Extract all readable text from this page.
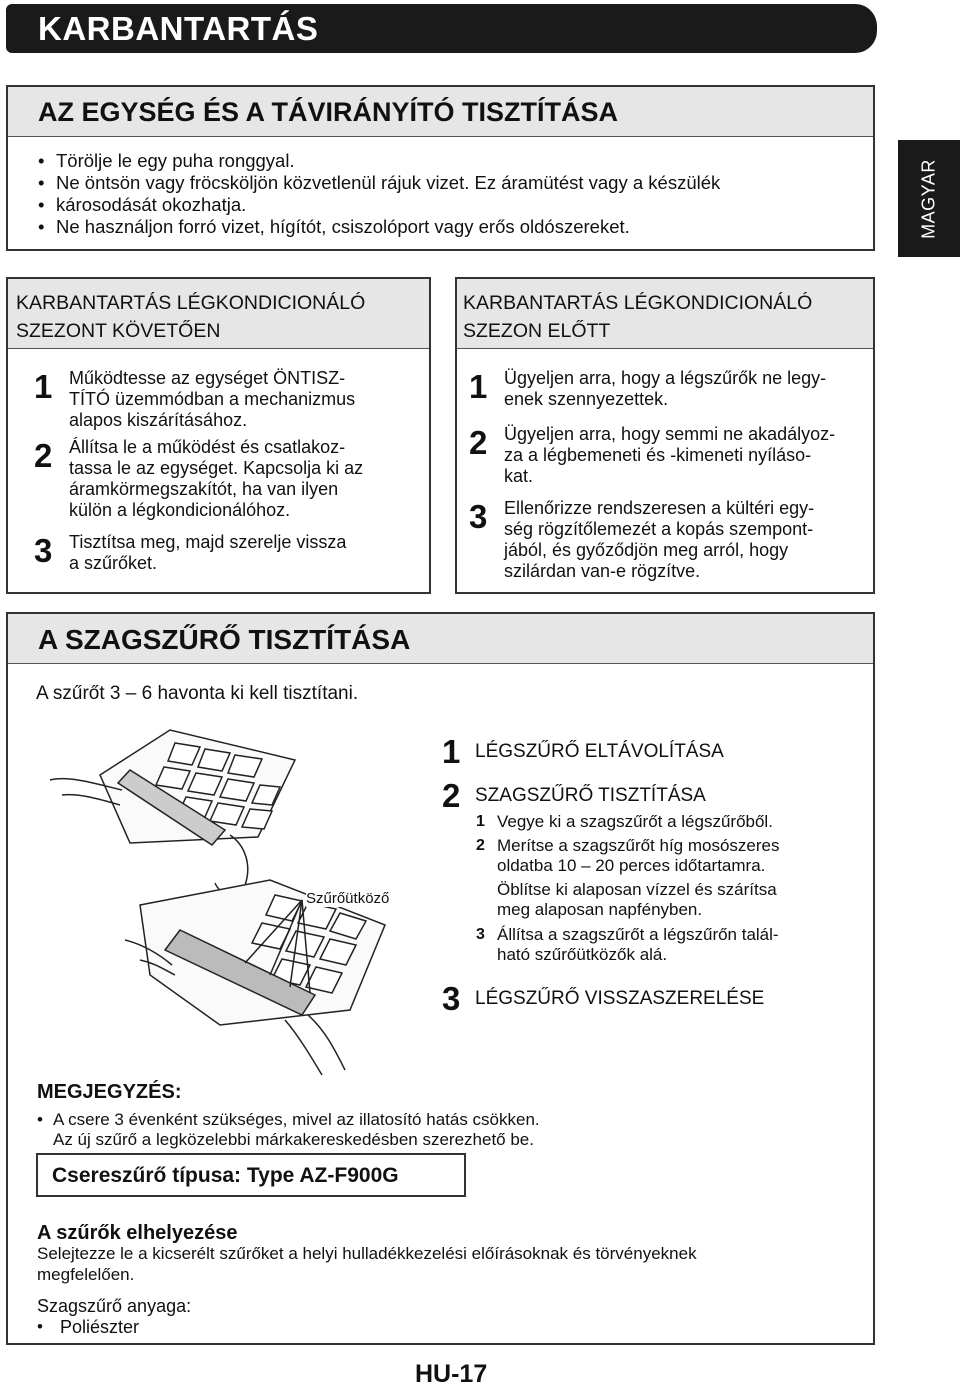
KARBANTARTÁS
MAGYAR
AZ EGYSÉG ÉS A TÁVIRÁNYÍTÓ TISZTÍTÁSA
• Törölje le egy puha ronggyal.
• Ne öntsön vagy fröcsköljön közvetlenül rájuk vizet. Ez áramütést vagy a készülék
• károsodását okozhatja.
• Ne használjon forró vizet, hígítót, csiszolóport vagy erős oldószereket.
KARBANTARTÁS LÉGKONDICIONÁLÓ
SZEZONT KÖVETŐEN
1 Működtesse az egységet ÖNTISZ-
TÍTÓ üzemmódban a mechanizmus
alapos kiszárításához.
2 Állítsa le a működést és csatlakoz-
tassa le az egységet. Kapcsolja ki az
áramkörmegszakítót, ha van ilyen
külön a légkondicionálóhoz.
3 Tisztítsa meg, majd szerelje vissza
a szűrőket.
KARBANTARTÁS LÉGKONDICIONÁLÓ
SZEZON ELŐTT
1 Ügyeljen arra, hogy a légszűrők ne legy-
enek szennyezettek.
2 Ügyeljen arra, hogy semmi ne akadályoz-
za a légbemeneti és -kimeneti nyíláso-
kat.
3 Ellenőrizze rendszeresen a kültéri egy-
ség rögzítőlemezét a kopás szempont-
jából, és győződjön meg arról, hogy
szilárdan van-e rögzítve.
A SZAGSZŰRŐ TISZTÍTÁSA
A szűrőt 3 – 6 havonta ki kell tisztítani.
Szűrőütköző
1 LÉGSZŰRŐ ELTÁVOLÍTÁSA
2 SZAGSZŰRŐ TISZTÍTÁSA
1 Vegye ki a szagszűrőt a légszűrőből.
2 Merítse a szagszűrőt híg mosószeres
oldatba 10 – 20 perces időtartamra.
Öblítse ki alaposan vízzel és szárítsa
meg alaposan napfényben.
3 Állítsa a szagszűrőt a légszűrőn talál-
ható szűrőütközők alá.
3 LÉGSZŰRŐ VISSZASZERELÉSE
MEGJEGYZÉS:
• A csere 3 évenként szükséges, mivel az illatosító hatás csökken.
Az új szűrő a legközelebbi márkakereskedésben szerezhető be.
Csereszűrő típusa: Type AZ-F900G
A szűrők elhelyezése
Selejtezze le a kicserélt szűrőket a helyi hulladékkezelési előírásoknak és törvényeknek
megfelelően.
Szagszűrő anyaga:
• Poliészter
HU-17
